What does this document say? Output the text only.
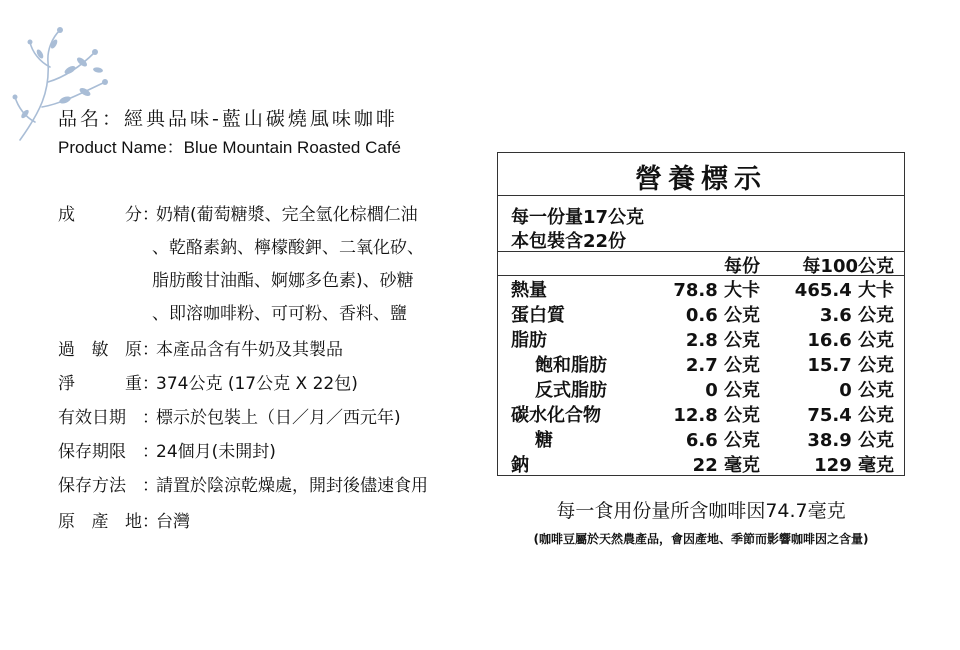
品名：經典品味-藍山碳燒風味咖啡
Product Name：Blue Mountain Roasted Café
成	分 ：
奶精(葡萄糖漿、完全氫化棕櫚仁油
、乾酪素鈉、檸檬酸鉀、二氧化矽、
脂肪酸甘油酯、婀娜多色素)、砂糖
、即溶咖啡粉、可可粉、香料、鹽
過 敏 原 ：
本產品含有牛奶及其製品
淨	重 ：
374公克 (17公克 X 22包)
有效日期 ：
標示於包裝上（日／月／西元年)
保存期限 ：
24個月(未開封)
保存方法 ：
請置於陰涼乾燥處，開封後儘速食用
原 產 地 ：
台灣
營養標示
每一份量17公克
本包裝含22份
每份 每100公克
熱量	78.8 大卡 465.4 大卡
蛋白質	0.6 公克	3.6 公克
脂肪	2.8 公克	16.6 公克
飽和脂肪	2.7 公克	15.7 公克
反式脂肪	0 公克	0 公克
碳水化合物	12.8 公克	75.4 公克
糖	6.6 公克	38.9 公克
鈉	22 毫克	129 毫克
每一食用份量所含咖啡因74.7毫克
(咖啡豆屬於天然農產品，會因產地、季節而影響咖啡因之含量)
